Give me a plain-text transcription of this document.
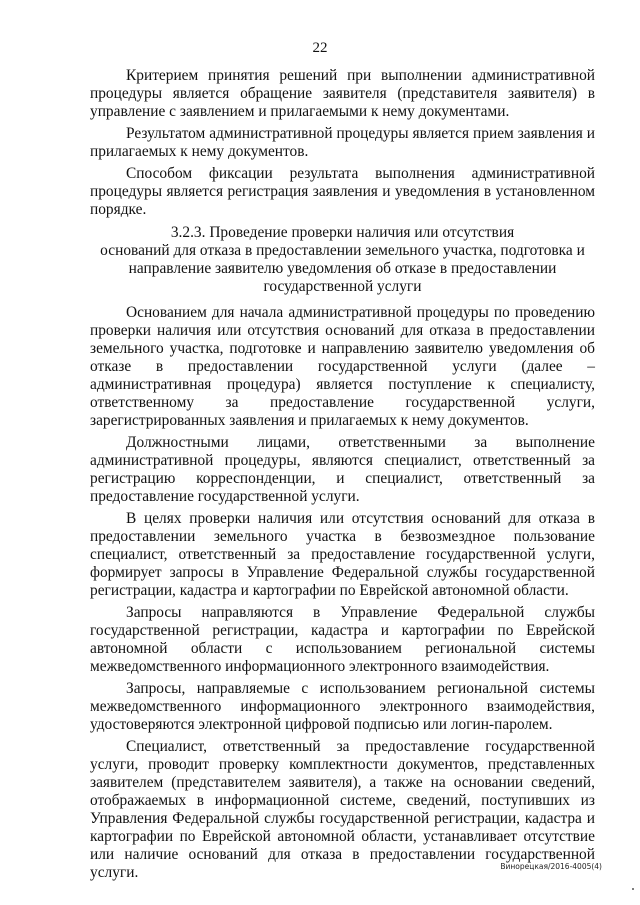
22

Критерием принятия решений при выполнении административной процедуры является обращение заявителя (представителя заявителя) в управление с заявлением и прилагаемыми к нему документами.

Результатом административной процедуры является прием заявления и прилагаемых к нему документов.

Способом фиксации результата выполнения административной процедуры является регистрация заявления и уведомления в установленном порядке.

3.2.3. Проведение проверки наличия или отсутствия
оснований для отказа в предоставлении земельного участка, подготовка и
направление заявителю уведомления об отказе в предоставлении
государственной услуги

Основанием для начала административной процедуры по проведению проверки наличия или отсутствия оснований для отказа в предоставлении земельного участка, подготовке и направлению заявителю уведомления об отказе в предоставлении государственной услуги (далее – административная процедура) является поступление к специалисту, ответственному за предоставление государственной услуги, зарегистрированных заявления и прилагаемых к нему документов.

Должностными лицами, ответственными за выполнение административной процедуры, являются специалист, ответственный за регистрацию корреспонденции, и специалист, ответственный за предоставление государственной услуги.

В целях проверки наличия или отсутствия оснований для отказа в предоставлении земельного участка в безвозмездное пользование специалист, ответственный за предоставление государственной услуги, формирует запросы в Управление Федеральной службы государственной регистрации, кадастра и картографии по Еврейской автономной области.

Запросы направляются в Управление Федеральной службы государственной регистрации, кадастра и картографии по Еврейской автономной области с использованием региональной системы межведомственного информационного электронного взаимодействия.

Запросы, направляемые с использованием региональной системы межведомственного информационного электронного взаимодействия, удостоверяются электронной цифровой подписью или логин-паролем.

Специалист, ответственный за предоставление государственной услуги, проводит проверку комплектности документов, представленных заявителем (представителем заявителя), а также на основании сведений, отображаемых в информационной системе, сведений, поступивших из Управления Федеральной службы государственной регистрации, кадастра и картографии по Еврейской автономной области, устанавливает отсутствие или наличие оснований для отказа в предоставлении государственной услуги.	Винорецкая/2016-4005(4)
